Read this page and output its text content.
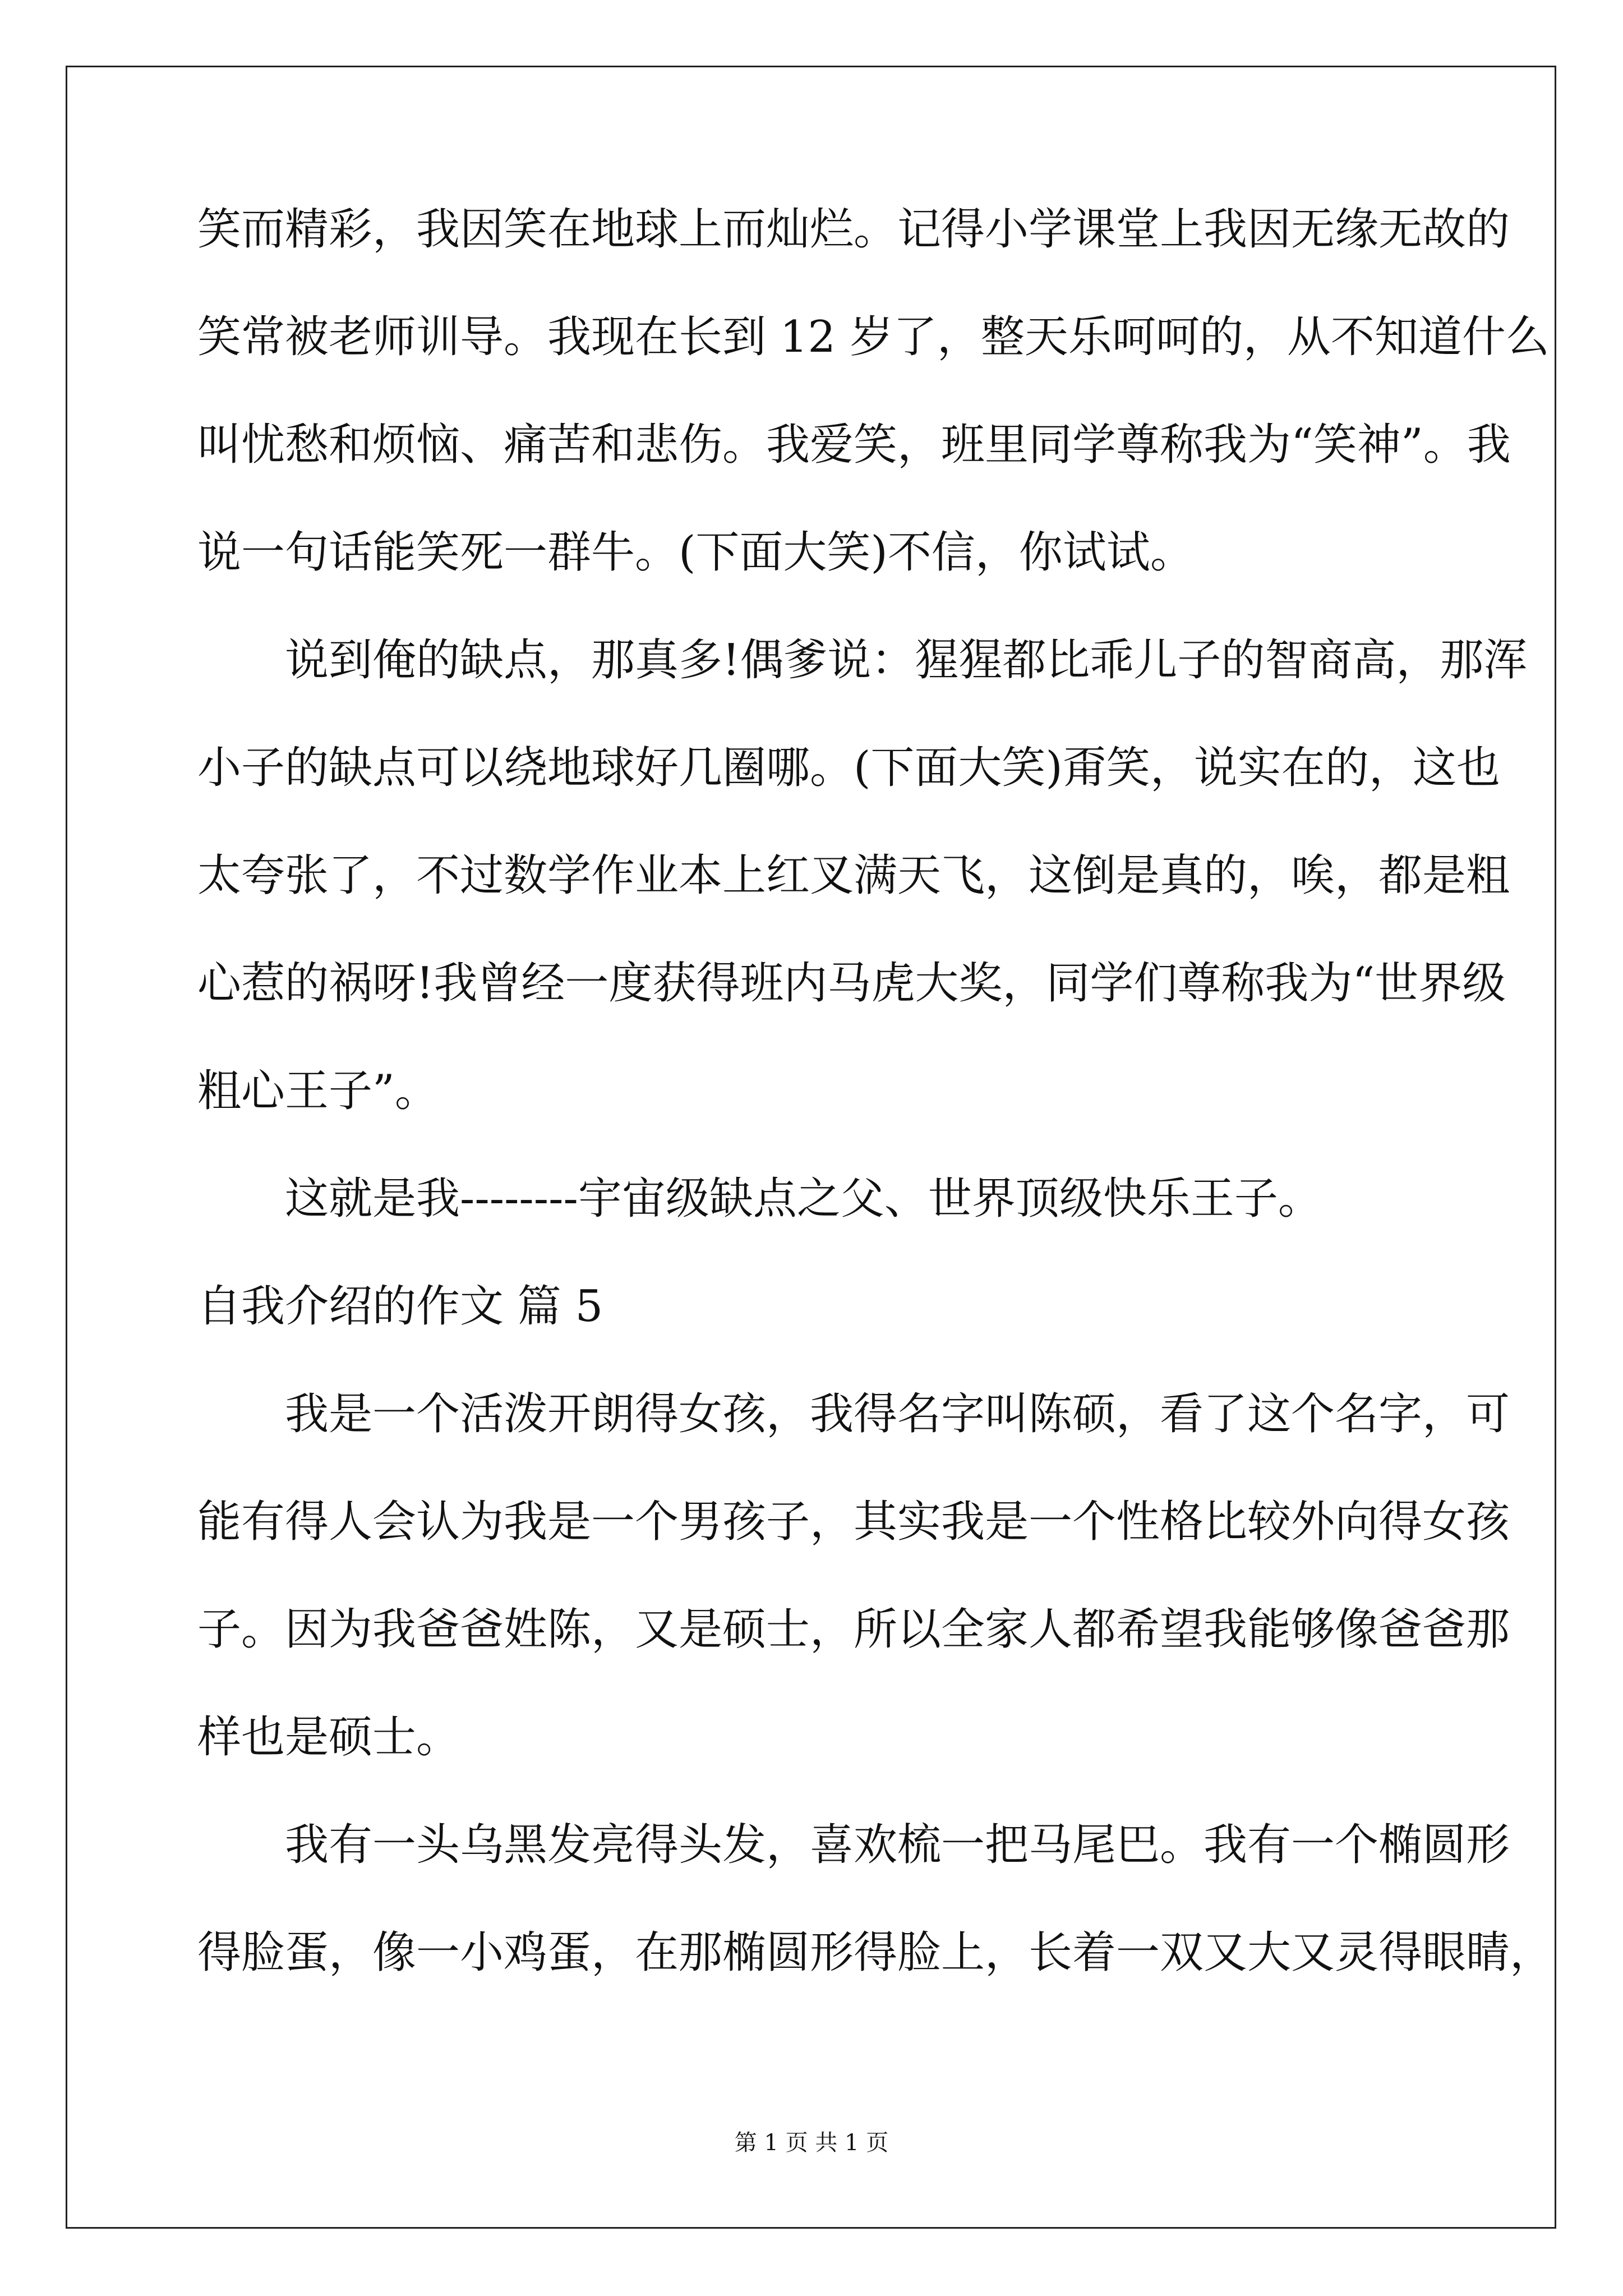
笑而精彩，我因笑在地球上而灿烂。记得小学课堂上我因无缘无故的
笑常被老师训导。我现在长到 12 岁了，整天乐呵呵的，从不知道什么
叫忧愁和烦恼、痛苦和悲伤。我爱笑，班里同学尊称我为“笑神”。我
说一句话能笑死一群牛。(下面大笑)不信，你试试。
说到俺的缺点，那真多!偶爹说：猩猩都比乖儿子的智商高，那浑
小子的缺点可以绕地球好几圈哪。(下面大笑)甭笑，说实在的，这也
太夸张了，不过数学作业本上红叉满天飞，这倒是真的，唉，都是粗
心惹的祸呀!我曾经一度获得班内马虎大奖，同学们尊称我为“世界级
粗心王子”。
这就是我--------宇宙级缺点之父、世界顶级快乐王子。
自我介绍的作文 篇 5
我是一个活泼开朗得女孩，我得名字叫陈硕，看了这个名字，可
能有得人会认为我是一个男孩子，其实我是一个性格比较外向得女孩
子。因为我爸爸姓陈，又是硕士，所以全家人都希望我能够像爸爸那
样也是硕士。
我有一头乌黑发亮得头发，喜欢梳一把马尾巴。我有一个椭圆形
得脸蛋，像一小鸡蛋，在那椭圆形得脸上，长着一双又大又灵得眼睛，
第 1 页 共 1 页
